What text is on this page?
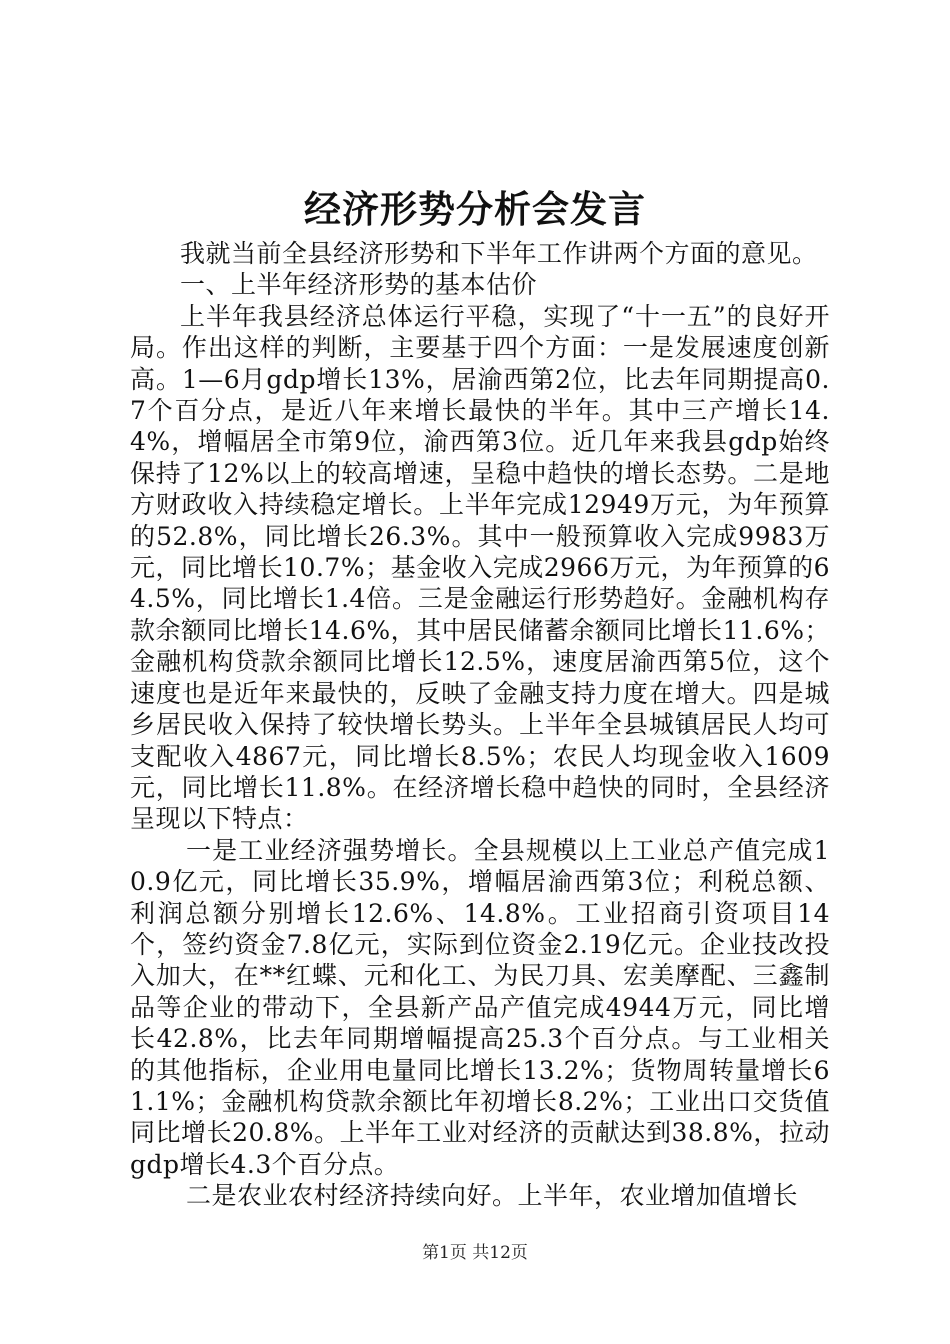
经济形势分析会发言

我就当前全县经济形势和下半年工作讲两个方面的意见。

一、上半年经济形势的基本估价

上半年我县经济总体运行平稳，实现了“十一五”的良好开局。作出这样的判断，主要基于四个方面：一是发展速度创新高。1—6月gdp增长13%，居渝西第2位，比去年同期提高0.7个百分点，是近八年来增长最快的半年。其中三产增长14.4%，增幅居全市第9位，渝西第3位。近几年来我县gdp始终保持了12%以上的较高增速，呈稳中趋快的增长态势。二是地方财政收入持续稳定增长。上半年完成12949万元，为年预算的52.8%，同比增长26.3%。其中一般预算收入完成9983万元，同比增长10.7%；基金收入完成2966万元，为年预算的64.5%，同比增长1.4倍。三是金融运行形势趋好。金融机构存款余额同比增长14.6%，其中居民储蓄余额同比增长11.6%；金融机构贷款余额同比增长12.5%，速度居渝西第5位，这个速度也是近年来最快的，反映了金融支持力度在增大。四是城乡居民收入保持了较快增长势头。上半年全县城镇居民人均可支配收入4867元，同比增长8.5%；农民人均现金收入1609元，同比增长11.8%。在经济增长稳中趋快的同时，全县经济呈现以下特点：

一是工业经济强势增长。全县规模以上工业总产值完成10.9亿元，同比增长35.9%，增幅居渝西第3位；利税总额、利润总额分别增长12.6%、14.8%。工业招商引资项目14个，签约资金7.8亿元，实际到位资金2.19亿元。企业技改投入加大，在**红蝶、元和化工、为民刀具、宏美摩配、三鑫制品等企业的带动下，全县新产品产值完成4944万元，同比增长42.8%，比去年同期增幅提高25.3个百分点。与工业相关的其他指标，企业用电量同比增长13.2%；货物周转量增长61.1%；金融机构贷款余额比年初增长8.2%；工业出口交货值同比增长20.8%。上半年工业对经济的贡献达到38.8%，拉动gdp增长4.3个百分点。

二是农业农村经济持续向好。上半年，农业增加值增长

第1页 共12页
